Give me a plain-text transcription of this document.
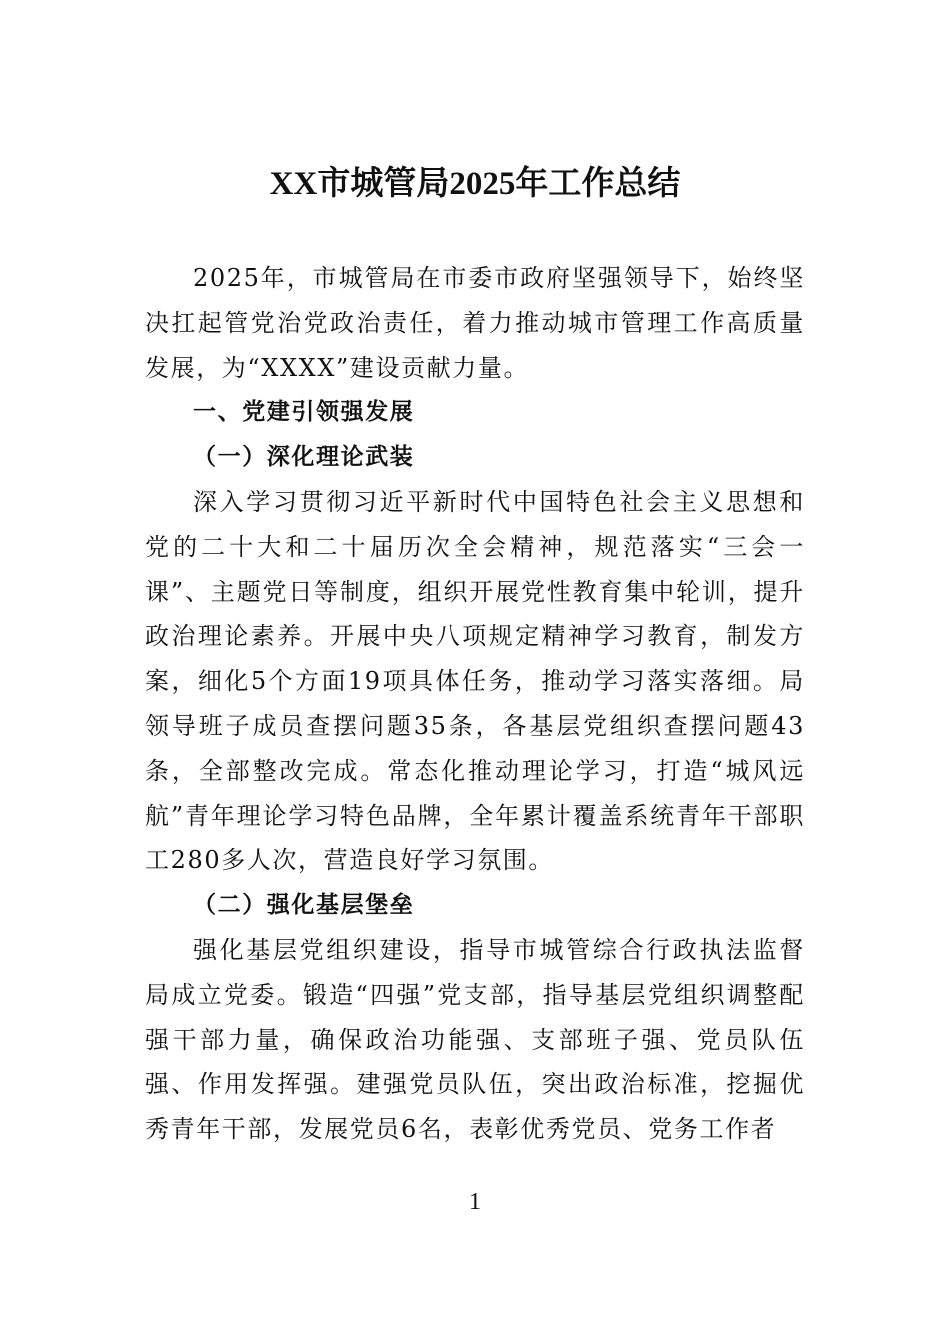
XX市城管局2025年工作总结

2025年，市城管局在市委市政府坚强领导下，始终坚决扛起管党治党政治责任，着力推动城市管理工作高质量发展，为“XXXX”建设贡献力量。

一、党建引领强发展

（一）深化理论武装

深入学习贯彻习近平新时代中国特色社会主义思想和党的二十大和二十届历次全会精神，规范落实“三会一课”、主题党日等制度，组织开展党性教育集中轮训，提升政治理论素养。开展中央八项规定精神学习教育，制发方案，细化5个方面19项具体任务，推动学习落实落细。局领导班子成员查摆问题35条，各基层党组织查摆问题43条，全部整改完成。常态化推动理论学习，打造“城风远航”青年理论学习特色品牌，全年累计覆盖系统青年干部职工280多人次，营造良好学习氛围。

（二）强化基层堡垒

强化基层党组织建设，指导市城管综合行政执法监督局成立党委。锻造“四强”党支部，指导基层党组织调整配强干部力量，确保政治功能强、支部班子强、党员队伍强、作用发挥强。建强党员队伍，突出政治标准，挖掘优秀青年干部，发展党员6名，表彰优秀党员、党务工作者

1
